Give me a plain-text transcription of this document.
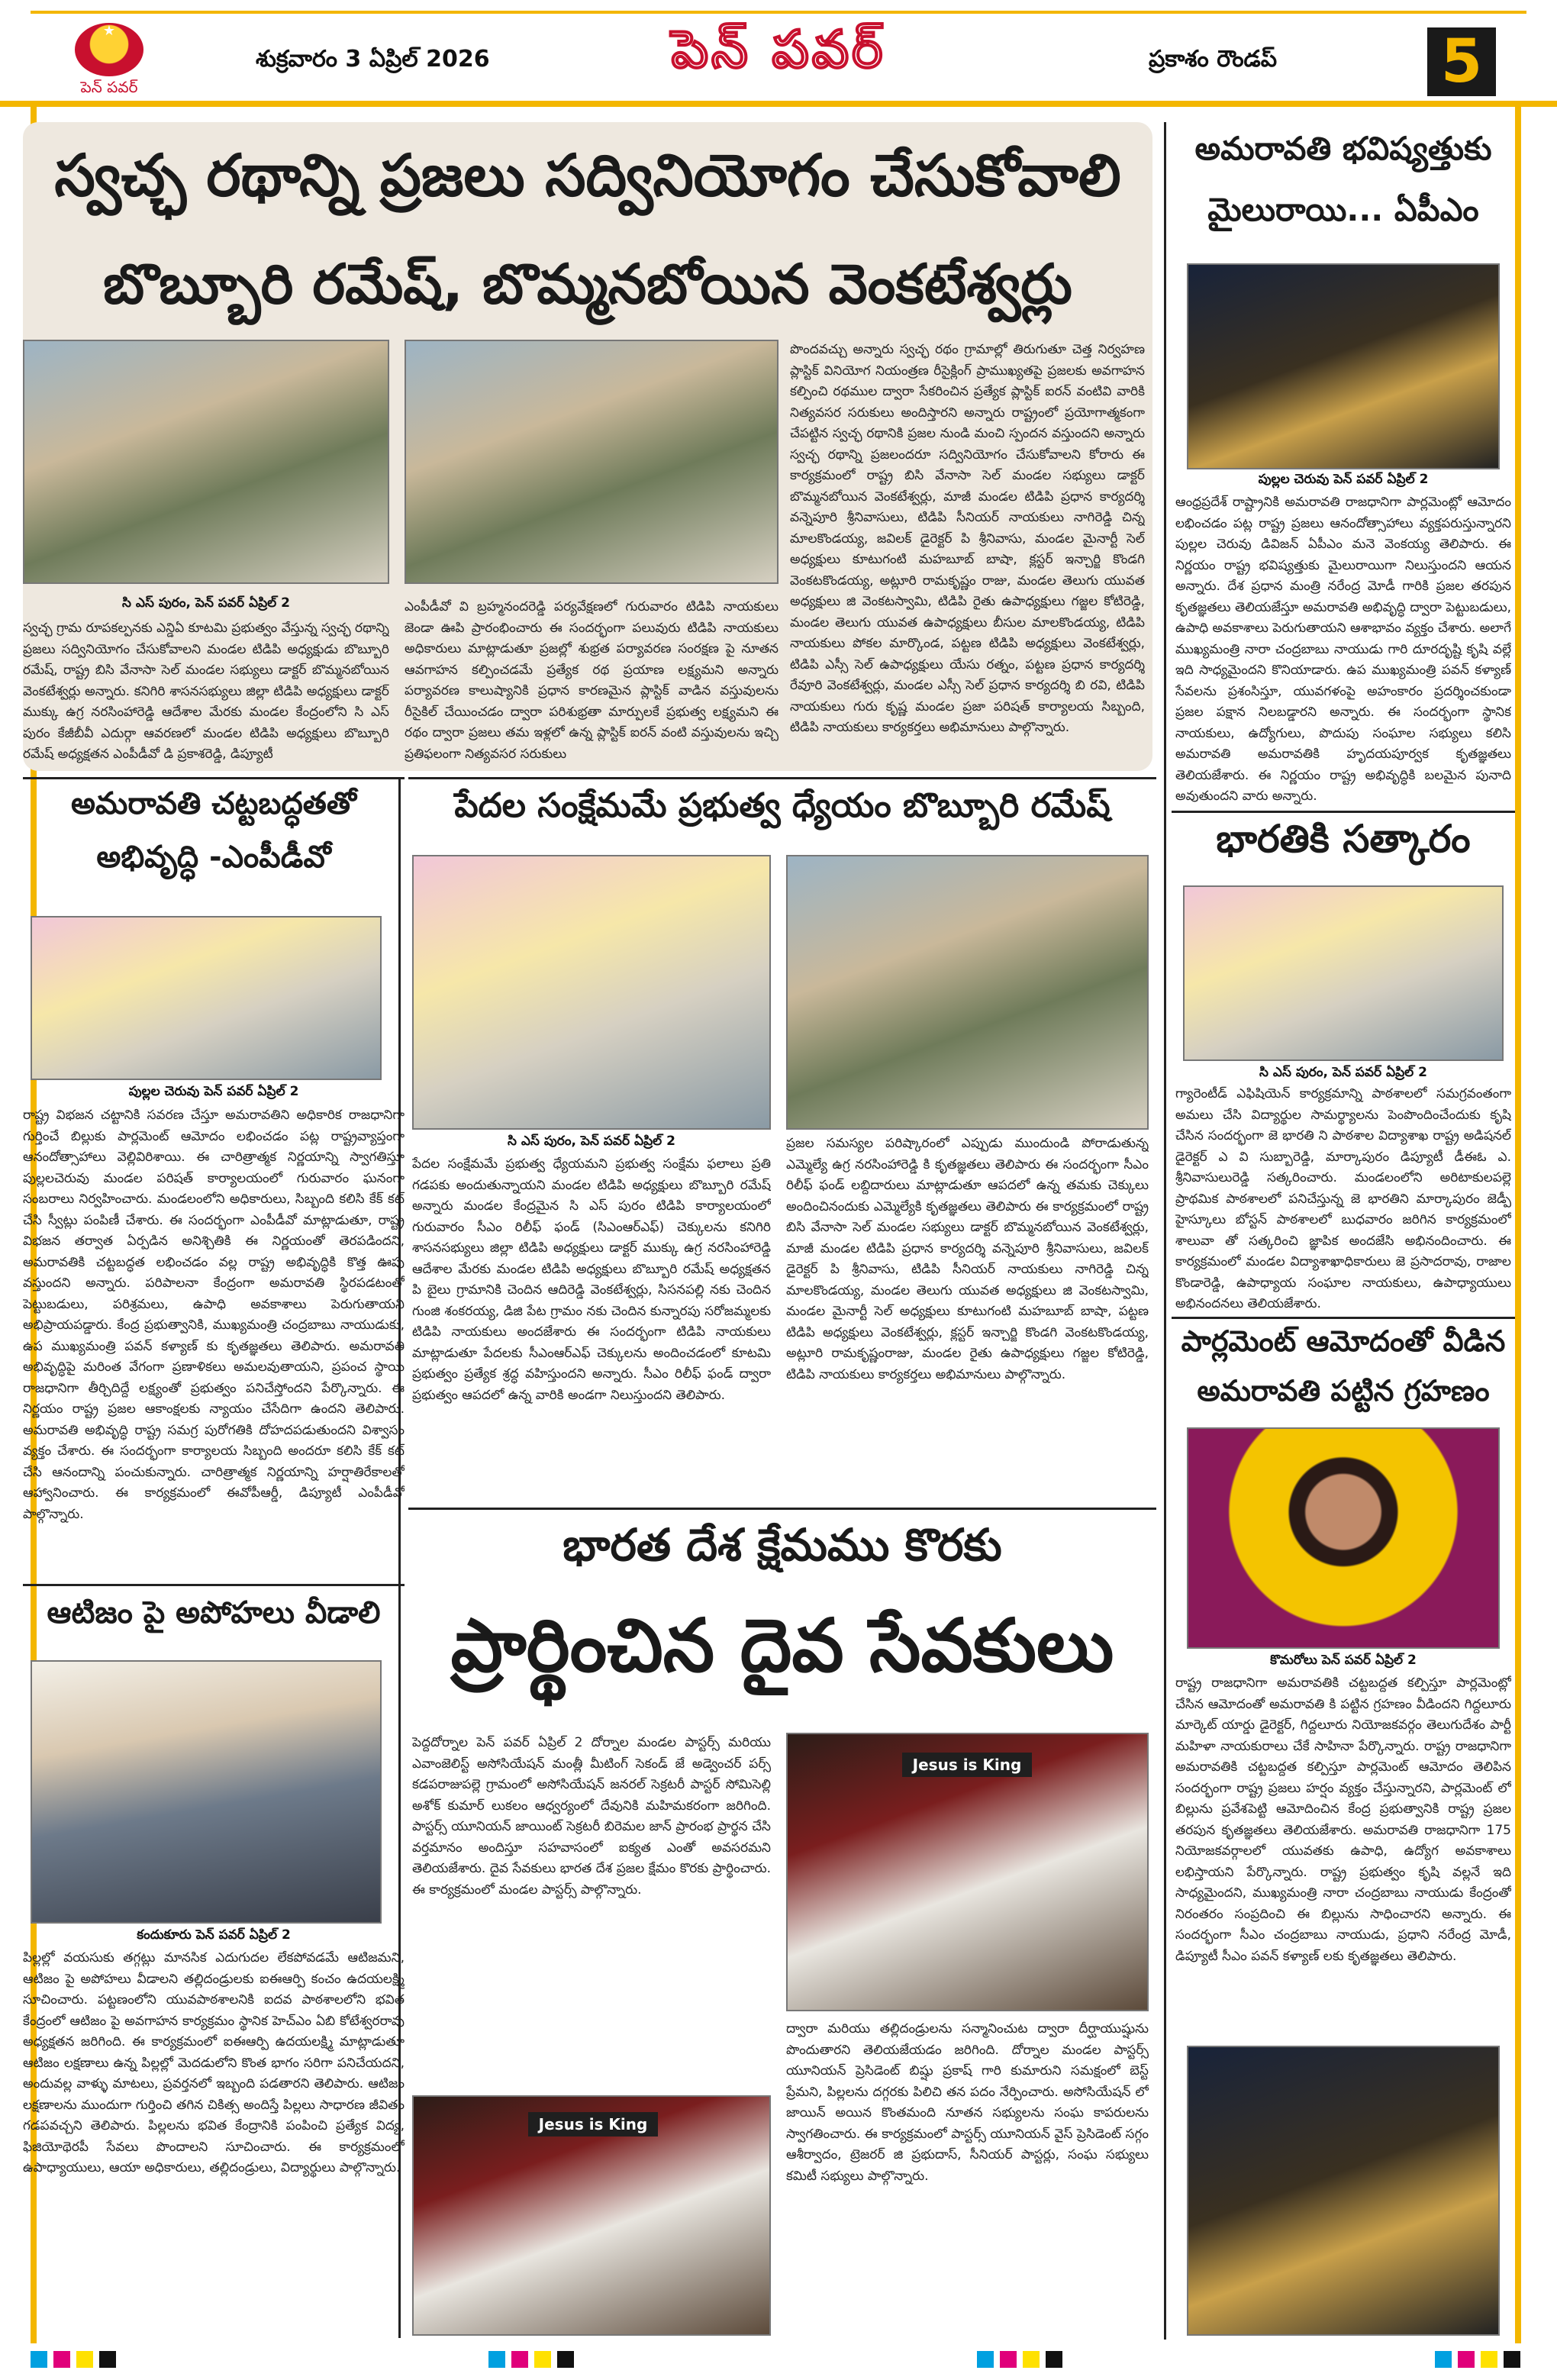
★
పెన్ పవర్
శుక్రవారం 3 ఏప్రిల్ 2026	పెన్ పవర్	ప్రకాశం రౌండప్	5
స్వచ్ఛ రథాన్ని ప్రజలు సద్వినియోగం చేసుకోవాలి
బొబ్బూరి రమేష్, బొమ్మనబోయిన వెంకటేశ్వర్లు
సి ఎస్ పురం, పెన్ పవర్ ఏప్రిల్ 2
స్వచ్ఛ గ్రామ రూపకల్పనకు ఎన్డిఏ కూటమి ప్రభుత్వం వేస్తున్న స్వచ్ఛ రథాన్ని ప్రజలు సద్వినియోగం చేసుకోవాలని మండల టిడిపి అధ్యక్షుడు బొబ్బూరి రమేష్, రాష్ట్ర బిసి వేనాసా సెల్ మండల సభ్యులు డాక్టర్ బొమ్మనబోయిన వెంకటేశ్వర్లు అన్నారు. కనిగిరి శాసనసభ్యులు జిల్లా టిడిపి అధ్యక్షులు డాక్టర్ ముక్కు ఉగ్ర నరసింహారెడ్డి ఆదేశాల మేరకు మండల కేంద్రంలోని సి ఎస్ పురం కేజీబీవీ ఎదుర్గా ఆవరణలో మండల టిడిపి అధ్యక్షులు బొబ్బూరి రమేష్ అధ్యక్షతన ఎంపీడీవో డి ప్రకాశరెడ్డి, డిప్యూటీ
ఎంపీడీవో వి బ్రహ్మనందరెడ్డి పర్యవేక్షణలో గురువారం టిడిపి నాయకులు జెండా ఊపి ప్రారంభించారు ఈ సందర్భంగా పలువురు టిడిపి నాయకులు అధికారులు మాట్లాడుతూ ప్రజల్లో శుభ్రత పర్యావరణ సంరక్షణ పై నూతన ఆవగాహన కల్పించడమే ప్రత్యేక రథ ప్రయాణ లక్ష్యమని అన్నారు పర్యావరణ కాలుష్యానికి ప్రధాన కారణమైన ప్లాస్టిక్ వాడిన వస్తువులను రీసైకిల్ చేయించడం ద్వారా పరిశుభ్రతా మార్పులకే ప్రభుత్వ లక్ష్యమని ఈ రథం ద్వారా ప్రజలు తమ ఇళ్లలో ఉన్న ప్లాస్టిక్ ఐరన్ వంటి వస్తువులను ఇచ్చి ప్రతిఫలంగా నిత్యవసర సరుకులు
పొందవచ్చు అన్నారు స్వచ్ఛ రథం గ్రామాల్లో తిరుగుతూ చెత్త నిర్వహణ ప్లాస్టిక్ వినియోగ నియంత్రణ రీసైక్లింగ్ ప్రాముఖ్యతపై ప్రజలకు అవగాహన కల్పించి రథముల ద్వారా సేకరించిన ప్రత్యేక ప్లాస్టిక్ ఐరన్ వంటివి వారికి నిత్యవసర సరుకులు అందిస్తారని అన్నారు రాష్ట్రంలో ప్రయోగాత్మకంగా చేపట్టిన స్వచ్ఛ రథానికి ప్రజల నుండి మంచి స్పందన వస్తుందని అన్నారు స్వచ్ఛ రథాన్ని ప్రజలందరూ సద్వినియోగం చేసుకోవాలని కోరారు ఈ కార్యక్రమంలో రాష్ట్ర బిసి వేనాసా సెల్ మండల సభ్యులు డాక్టర్ బొమ్మనబోయిన వెంకటేశ్వర్లు, మాజీ మండల టిడిపి ప్రధాన కార్యదర్శి వన్నెపూరి శ్రీనివాసులు, టిడిపి సీనియర్ నాయకులు నాగిరెడ్డి చిన్న మాలకొండయ్య, జవిలక్ డైరెక్టర్ పి శ్రీనివాసు, మండల మైనార్టీ సెల్ అధ్యక్షులు కూటుగంటి మహబూబ్ బాషా, క్లస్టర్ ఇన్చార్జి కొండగి వెంకటకొండయ్య, అట్లూరి రామకృష్ణం రాజు, మండల తెలుగు యువత అధ్యక్షులు జి వెంకటస్వామి, టిడిపి రైతు ఉపాధ్యక్షులు గజ్జల కోటిరెడ్డి, మండల తెలుగు యువత ఉపాధ్యక్షులు బీసుల మాలకొండయ్య, టిడిపి నాయకులు పోకల మార్కొండ, పట్టణ టిడిపి అధ్యక్షులు వెంకటేశ్వర్లు, టిడిపి ఎస్సీ సెల్ ఉపాధ్యక్షులు యేసు రత్నం, పట్టణ ప్రధాన కార్యదర్శి రేవూరి వెంకటేశ్వర్లు, మండల ఎస్సీ సెల్ ప్రధాన కార్యదర్శి బి రవి, టిడిపి నాయకులు గురు కృష్ణ మండల ప్రజా పరిషత్ కార్యాలయ సిబ్బంది, టిడిపి నాయకులు కార్యకర్తలు అభిమానులు పాల్గొన్నారు.
అమరావతి భవిష్యత్తుకు
మైలురాయి... ఏపీఎం
పుల్లల చెరువు పెన్ పవర్ ఏప్రిల్ 2
ఆంధ్రప్రదేశ్ రాష్ట్రానికి అమరావతి రాజధానిగా పార్లమెంట్లో ఆమోదం లభించడం పట్ల రాష్ట్ర ప్రజలు ఆనందోత్సాహాలు వ్యక్తపరుస్తున్నారని పుల్లల చెరువు డివిజన్ ఏపీఎం మనె వెంకయ్య తెలిపారు. ఈ నిర్ణయం రాష్ట్ర భవిష్యత్తుకు మైలురాయిగా నిలుస్తుందని ఆయన అన్నారు. దేశ ప్రధాన మంత్రి నరేంద్ర మోడీ గారికి ప్రజల తరపున కృతజ్ఞతలు తెలియజేస్తూ అమరావతి అభివృద్ధి ద్వారా పెట్టుబడులు, ఉపాధి అవకాశాలు పెరుగుతాయని ఆశాభావం వ్యక్తం చేశారు. అలాగే ముఖ్యమంత్రి నారా చంద్రబాబు నాయుడు గారి దూరదృష్టి కృషి వల్లే ఇది సాధ్యమైందని కొనియాడారు. ఉప ముఖ్యమంత్రి పవన్ కళ్యాణ్ సేవలను ప్రశంసిస్తూ, యువగళంపై అహంకారం ప్రదర్శించకుండా ప్రజల పక్షాన నిలబడ్డారని అన్నారు. ఈ సందర్భంగా స్థానిక నాయకులు, ఉద్యోగులు, పొదుపు సంఘాల సభ్యులు కలిసి అమరావతి అమరావతికి హృదయపూర్వక కృతజ్ఞతలు తెలియజేశారు. ఈ నిర్ణయం రాష్ట్ర అభివృద్ధికి బలమైన పునాది అవుతుందని వారు అన్నారు.
భారతికి సత్కారం
సి ఎస్ పురం, పెన్ పవర్ ఏప్రిల్ 2
గ్యారెంటీడ్ ఎఫిషియెన్ కార్యక్రమాన్ని పాఠశాలలో సమగ్రవంతంగా అమలు చేసి విద్యార్థుల సామర్థ్యాలను పెంపొందించేందుకు కృషి చేసిన సందర్భంగా జె భారతి ని పాఠశాల విద్యాశాఖ రాష్ట్ర అడిషనల్ డైరెక్టర్ ఎ వి సుబ్బారెడ్డి, మార్కాపురం డిప్యూటీ డీఈఓ ఎ. శ్రీనివాసులురెడ్డి సత్కరించారు. మండలంలోని అరిటాకులపల్లె ప్రాథమిక పాఠశాలలో పనిచేస్తున్న జె భారతిని మార్కాపురం జెడ్పీ హైస్కూలు బోస్టన్ పాఠశాలలో బుధవారం జరిగిన కార్యక్రమంలో శాలువా తో సత్కరించి జ్ఞాపిక అందజేసి అభినందించారు. ఈ కార్యక్రమంలో మండల విద్యాశాఖాధికారులు జె ప్రసాదరావు, రాజాల కొండారెడ్డి, ఉపాధ్యాయ సంఘాల నాయకులు, ఉపాధ్యాయులు అభినందనలు తెలియజేశారు.
పార్లమెంట్ ఆమోదంతో వీడిన
అమరావతి పట్టిన గ్రహణం
కొమరోలు పెన్ పవర్ ఏప్రిల్ 2
రాష్ట్ర రాజధానిగా అమరావతికి చట్టబద్దత కల్పిస్తూ పార్లమెంట్లో చేసిన ఆమోదంతో అమరావతి కి పట్టిన గ్రహణం వీడిందని గిద్దలూరు మార్కెట్ యార్డు డైరెక్టర్, గిద్దలూరు నియోజకవర్గం తెలుగుదేశం పార్టీ మహిళా నాయకురాలు చేకే సాహినా పేర్కొన్నారు. రాష్ట్ర రాజధానిగా అమరావతికి చట్టబద్దత కల్పిస్తూ పార్లమెంట్ ఆమోదం తెలిపిన సందర్భంగా రాష్ట్ర ప్రజలు హర్షం వ్యక్తం చేస్తున్నారని, పార్లమెంట్ లో బిల్లును ప్రవేశపెట్టి ఆమోదించిన కేంద్ర ప్రభుత్వానికి రాష్ట్ర ప్రజల తరపున కృతజ్ఞతలు తెలియజేశారు. అమరావతి రాజధానిగా 175 నియోజకవర్గాలలో యువతకు ఉపాధి, ఉద్యోగ అవకాశాలు లభిస్తాయని పేర్కొన్నారు. రాష్ట్ర ప్రభుత్వం కృషి వల్లనే ఇది సాధ్యమైందని, ముఖ్యమంత్రి నారా చంద్రబాబు నాయుడు కేంద్రంతో నిరంతరం సంప్రదించి ఈ బిల్లును సాధించారని అన్నారు. ఈ సందర్భంగా సీఎం చంద్రబాబు నాయుడు, ప్రధాని నరేంద్ర మోడీ, డిప్యూటీ సీఎం పవన్ కళ్యాణ్ లకు కృతజ్ఞతలు తెలిపారు.
అమరావతి చట్టబద్ధతతో
అభివృద్ధి -ఎంపీడీవో
పుల్లల చెరువు పెన్ పవర్ ఏప్రిల్ 2
రాష్ట్ర విభజన చట్టానికి సవరణ చేస్తూ అమరావతిని అధికారిక రాజధానిగా గుర్తించే బిల్లుకు పార్లమెంట్ ఆమోదం లభించడం పట్ల రాష్ట్రవ్యాప్తంగా ఆనందోత్సాహాలు వెల్లివిరిశాయి. ఈ చారిత్రాత్మక నిర్ణయాన్ని స్వాగతిస్తూ పుల్లలచెరువు మండల పరిషత్ కార్యాలయంలో గురువారం ఘనంగా సంబరాలు నిర్వహించారు. మండలంలోని అధికారులు, సిబ్బంది కలిసి కేక్ కట్ చేసి స్వీట్లు పంపిణీ చేశారు. ఈ సందర్భంగా ఎంపీడీవో మాట్లాడుతూ, రాష్ట్ర విభజన తర్వాత ఏర్పడిన అనిశ్చితికి ఈ నిర్ణయంతో తెరపడిందని, అమరావతికి చట్టబద్ధత లభించడం వల్ల రాష్ట్ర అభివృద్ధికి కొత్త ఊపు వస్తుందని అన్నారు. పరిపాలనా కేంద్రంగా అమరావతి స్థిరపడటంతో పెట్టుబడులు, పరిశ్రమలు, ఉపాధి అవకాశాలు పెరుగుతాయని అభిప్రాయపడ్డారు. కేంద్ర ప్రభుత్వానికి, ముఖ్యమంత్రి చంద్రబాబు నాయుడుకు, ఉప ముఖ్యమంత్రి పవన్ కళ్యాణ్ కు కృతజ్ఞతలు తెలిపారు. అమరావతి అభివృద్ధిపై మరింత వేగంగా ప్రణాళికలు అమలవుతాయని, ప్రపంచ స్థాయి రాజధానిగా తీర్చిదిద్దే లక్ష్యంతో ప్రభుత్వం పనిచేస్తోందని పేర్కొన్నారు. ఈ నిర్ణయం రాష్ట్ర ప్రజల ఆకాంక్షలకు న్యాయం చేసేదిగా ఉందని తెలిపారు. అమరావతి అభివృద్ధి రాష్ట్ర సమగ్ర పురోగతికి దోహదపడుతుందని విశ్వాసం వ్యక్తం చేశారు. ఈ సందర్భంగా కార్యాలయ సిబ్బంది అందరూ కలిసి కేక్ కట్ చేసి ఆనందాన్ని పంచుకున్నారు. చారిత్రాత్మక నిర్ణయాన్ని హర్షాతిరేకాలతో ఆహ్వానించారు. ఈ కార్యక్రమంలో ఈవోపీఆర్డీ, డిప్యూటీ ఎంపీడీవో పాల్గొన్నారు.
ఆటిజం పై అపోహలు వీడాలి
కందుకూరు పెన్ పవర్ ఏప్రిల్ 2
పిల్లల్లో వయసుకు తగ్గట్లు మానసిక ఎదుగుదల లేకపోవడమే ఆటిజమని, ఆటిజం పై అపోహలు వీడాలని తల్లిదండ్రులకు ఐఈఆర్పి కంచం ఉదయలక్ష్మి సూచించారు. పట్టణంలోని యువపాఠశాలనికి ఐదవ పాఠశాలలోని భవిత కేంద్రంలో ఆటిజం పై అవగాహన కార్యక్రమం స్థానిక హెచ్ఎం ఏబి కోటేశ్వరరావు అధ్యక్షతన జరిగింది. ఈ కార్యక్రమంలో ఐఈఆర్పి ఉదయలక్ష్మి మాట్లాడుతూ ఆటిజం లక్షణాలు ఉన్న పిల్లల్లో మెదడులోని కొంత భాగం సరిగా పనిచేయదని, అందువల్ల వాళ్ళు మాటలు, ప్రవర్తనలో ఇబ్బంది పడతారని తెలిపారు. ఆటిజం లక్షణాలను ముందుగా గుర్తించి తగిన చికిత్స అందిస్తే పిల్లలు సాధారణ జీవితం గడపవచ్చని తెలిపారు. పిల్లలను భవిత కేంద్రానికి పంపించి ప్రత్యేక విద్య, ఫిజియోథెరపీ సేవలు పొందాలని సూచించారు. ఈ కార్యక్రమంలో ఉపాధ్యాయులు, ఆయా అధికారులు, తల్లిదండ్రులు, విద్యార్థులు పాల్గొన్నారు.
పేదల సంక్షేమమే ప్రభుత్వ ధ్యేయం బొబ్బూరి రమేష్
సి ఎస్ పురం, పెన్ పవర్ ఏప్రిల్ 2
పేదల సంక్షేమమే ప్రభుత్వ ధ్యేయమని ప్రభుత్వ సంక్షేమ ఫలాలు ప్రతి గడపకు అందుతున్నాయని మండల టిడిపి అధ్యక్షులు బొబ్బూరి రమేష్ అన్నారు మండల కేంద్రమైన సి ఎస్ పురం టిడిపి కార్యాలయంలో గురువారం సీఎం రిలీఫ్ ఫండ్ (సిఎంఆర్ఎఫ్) చెక్కులను కనిగిరి శాసనసభ్యులు జిల్లా టిడిపి అధ్యక్షులు డాక్టర్ ముక్కు ఉగ్ర నరసింహారెడ్డి ఆదేశాల మేరకు మండల టిడిపి అధ్యక్షులు బొబ్బూరి రమేష్ అధ్యక్షతన పి బైలు గ్రామానికి చెందిన ఆదిరెడ్డి వెంకటేశ్వర్లు, సిసనపల్లి నకు చెందిన గుంజి శంకరయ్య, డిజి పేట గ్రామం నకు చెందిన కున్నారపు సరోజమ్మలకు టిడిపి నాయకులు అందజేశారు ఈ సందర్భంగా టిడిపి నాయకులు మాట్లాడుతూ పేదలకు సీఎంఆర్ఎఫ్ చెక్కులను అందించడంలో కూటమి ప్రభుత్వం ప్రత్యేక శ్రద్ధ వహిస్తుందని అన్నారు. సీఎం రిలీఫ్ ఫండ్ ద్వారా ప్రభుత్వం ఆపదలో ఉన్న వారికి అండగా నిలుస్తుందని తెలిపారు.
ప్రజల సమస్యల పరిష్కారంలో ఎప్పుడు ముందుండి పోరాడుతున్న ఎమ్మెల్యే ఉగ్ర నరసింహారెడ్డి కి కృతజ్ఞతలు తెలిపారు ఈ సందర్భంగా సీఎం రిలీఫ్ ఫండ్ లబ్దిదారులు మాట్లాడుతూ ఆపదలో ఉన్న తమకు చెక్కులు అందించినందుకు ఎమ్మెల్యేకి కృతజ్ఞతలు తెలిపారు ఈ కార్యక్రమంలో రాష్ట్ర బిసి వేనాసా సెల్ మండల సభ్యులు డాక్టర్ బొమ్మనబోయిన వెంకటేశ్వర్లు, మాజీ మండల టిడిపి ప్రధాన కార్యదర్శి వన్నెపూరి శ్రీనివాసులు, జవిలక్ డైరెక్టర్ పి శ్రీనివాసు, టిడిపి సీనియర్ నాయకులు నాగిరెడ్డి చిన్న మాలకొండయ్య, మండల తెలుగు యువత అధ్యక్షులు జి వెంకటస్వామి, మండల మైనార్టీ సెల్ అధ్యక్షులు కూటుగంటి మహబూబ్ బాషా, పట్టణ టిడిపి అధ్యక్షులు వెంకటేశ్వర్లు, క్లస్టర్ ఇన్చార్జి కొండగి వెంకటకొండయ్య, అట్లూరి రామకృష్ణంరాజు, మండల రైతు ఉపాధ్యక్షులు గజ్జల కోటిరెడ్డి, టిడిపి నాయకులు కార్యకర్తలు అభిమానులు పాల్గొన్నారు.
భారత దేశ క్షేమము కొరకు
ప్రార్థించిన దైవ సేవకులు
పెద్దదోర్నాల పెన్ పవర్ ఏప్రిల్ 2 దోర్నాల మండల పాస్టర్స్ మరియు ఎవాంజెలిస్ట్ అసోసియేషన్ మంత్లీ మీటింగ్ సెకండ్ జే అడ్వెంచర్ పర్స్ కడపరాజుపల్లె గ్రామంలో అసోసియేషన్ జనరల్ సెక్రటరీ పాస్టర్ సోమిసెల్లి అశోక్ కుమార్ లుకలం ఆధ్వర్యంలో దేవునికి మహిమకరంగా జరిగింది. పాస్టర్స్ యూనియన్ జాయింట్ సెక్రటరీ బిరెమల జాన్ ప్రారంభ ప్రార్థన చేసి వర్తమానం అందిస్తూ సహవాసంలో ఐక్యత ఎంతో అవసరమని తెలియజేశారు. దైవ సేవకులు భారత దేశ ప్రజల క్షేమం కొరకు ప్రార్థించారు. ఈ కార్యక్రమంలో మండల పాస్టర్స్ పాల్గొన్నారు.
Jesus is King
Jesus is King
ద్వారా మరియు తల్లిదండ్రులను సన్మానించుట ద్వారా దీర్ఘాయుష్షును పొందుతారని తెలియజేయడం జరిగింది. దోర్నాల మండల పాస్టర్స్ యూనియన్ ప్రెసిడెంట్ బిష్షు ప్రకాష్ గారి కుమారుని సమక్షంలో బెస్ట్ ప్రేమని, పిల్లలను దగ్గరకు పిలిచి తన పదం నేర్పించారు. అసోసియేషన్ లో జాయిన్ అయిన కొంతమంది నూతన సభ్యులను సంఘ కాపరులను స్వాగతించారు. ఈ కార్యక్రమంలో పాస్టర్స్ యూనియన్ వైస్ ప్రెసిడెంట్ సగ్గం ఆశీర్వాదం, ట్రెజరర్ జి ప్రభుదాస్, సీనియర్ పాస్టర్లు, సంఘ సభ్యులు కమిటీ సభ్యులు పాల్గొన్నారు.
